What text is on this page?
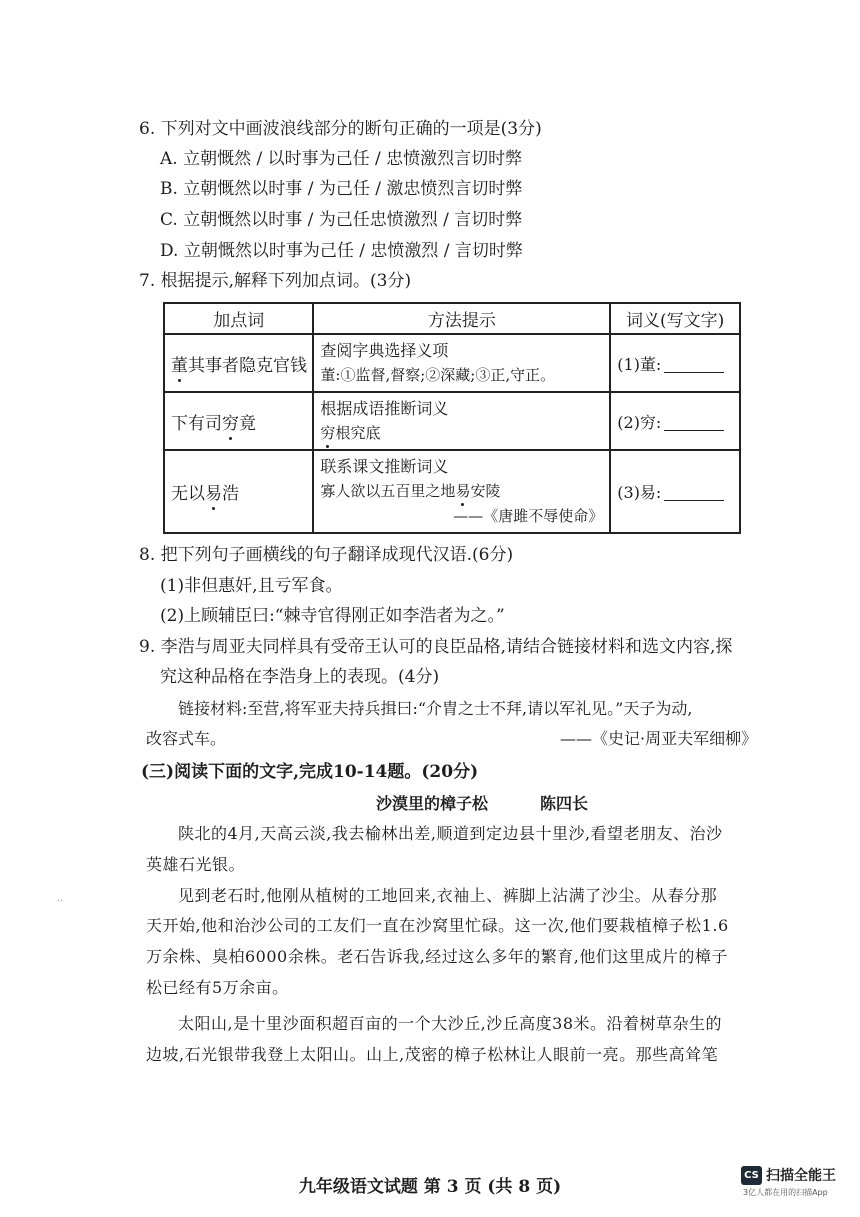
6. 下列对文中画波浪线部分的断句正确的一项是(3分)
A. 立朝慨然 / 以时事为己任 / 忠愤激烈言切时弊
B. 立朝慨然以时事 / 为己任 / 激忠愤烈言切时弊
C. 立朝慨然以时事 / 为己任忠愤激烈 / 言切时弊
D. 立朝慨然以时事为己任 / 忠愤激烈 / 言切时弊
7. 根据提示,解释下列加点词。(3分)
加点词	方法提示	词义(写文字)
董其事者隐克官钱	查阅字典选择义项
董:①监督,督察;②深藏;③正,守正。	(1)董:
下有司穷竟	根据成语推断词义
穷根究底	(2)穷:
无以易浩	联系课文推断词义
寡人欲以五百里之地易安陵
——《唐雎不辱使命》	(3)易:
8. 把下列句子画横线的句子翻译成现代汉语.(6分)
(1)非但惠奸,且亏军食。
(2)上顾辅臣曰:“棘寺官得刚正如李浩者为之。”
9. 李浩与周亚夫同样具有受帝王认可的良臣品格,请结合链接材料和选文内容,探
究这种品格在李浩身上的表现。(4分)
链接材料:至营,将军亚夫持兵揖曰:“介胄之士不拜,请以军礼见。”天子为动,
改容式车。	——《史记·周亚夫军细柳》
(三)阅读下面的文字,完成10-14题。(20分)
沙漠里的樟子松	陈四长
陕北的4月,天高云淡,我去榆林出差,顺道到定边县十里沙,看望老朋友、治沙
英雄石光银。
见到老石时,他刚从植树的工地回来,衣袖上、裤脚上沾满了沙尘。从春分那
天开始,他和治沙公司的工友们一直在沙窝里忙碌。这一次,他们要栽植樟子松1.6
万余株、臭柏6000余株。老石告诉我,经过这么多年的繁育,他们这里成片的樟子
松已经有5万余亩。
太阳山,是十里沙面积超百亩的一个大沙丘,沙丘高度38米。沿着树草杂生的
边坡,石光银带我登上太阳山。山上,茂密的樟子松林让人眼前一亮。那些高耸笔
九年级语文试题 第 3 页 (共 8 页)
··
CS 扫描全能王
3亿人都在用的扫描App
